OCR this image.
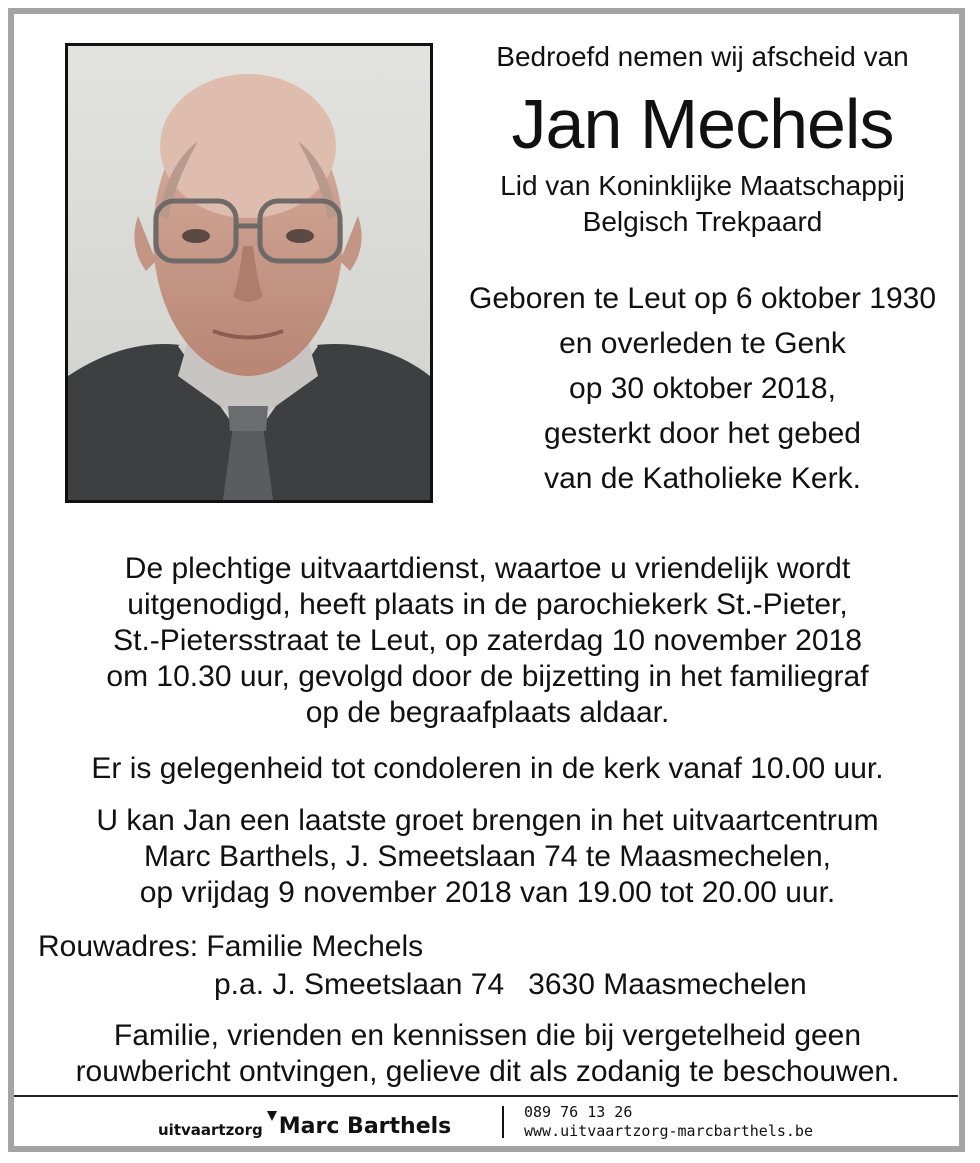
Bedroefd nemen wij afscheid van
Jan Mechels
Lid van Koninklijke Maatschappij
Belgisch Trekpaard
Geboren te Leut op 6 oktober 1930
en overleden te Genk
op 30 oktober 2018,
gesterkt door het gebed
van de Katholieke Kerk.
De plechtige uitvaartdienst, waartoe u vriendelijk wordt
uitgenodigd, heeft plaats in de parochiekerk St.-Pieter,
St.-Pietersstraat te Leut, op zaterdag 10 november 2018
om 10.30 uur, gevolgd door de bijzetting in het familiegraf
op de begraafplaats aldaar.
Er is gelegenheid tot condoleren in de kerk vanaf 10.00 uur.
U kan Jan een laatste groet brengen in het uitvaartcentrum
Marc Barthels, J. Smeetslaan 74 te Maasmechelen,
op vrijdag 9 november 2018 van 19.00 tot 20.00 uur.
Rouwadres: Familie Mechels
p.a. J. Smeetslaan 74 3630 Maasmechelen
Familie, vrienden en kennissen die bij vergetelheid geen
rouwbericht ontvingen, gelieve dit als zodanig te beschouwen.
uitvaartzorg Marc Barthels
089 76 13 26
www.uitvaartzorg-marcbarthels.be
